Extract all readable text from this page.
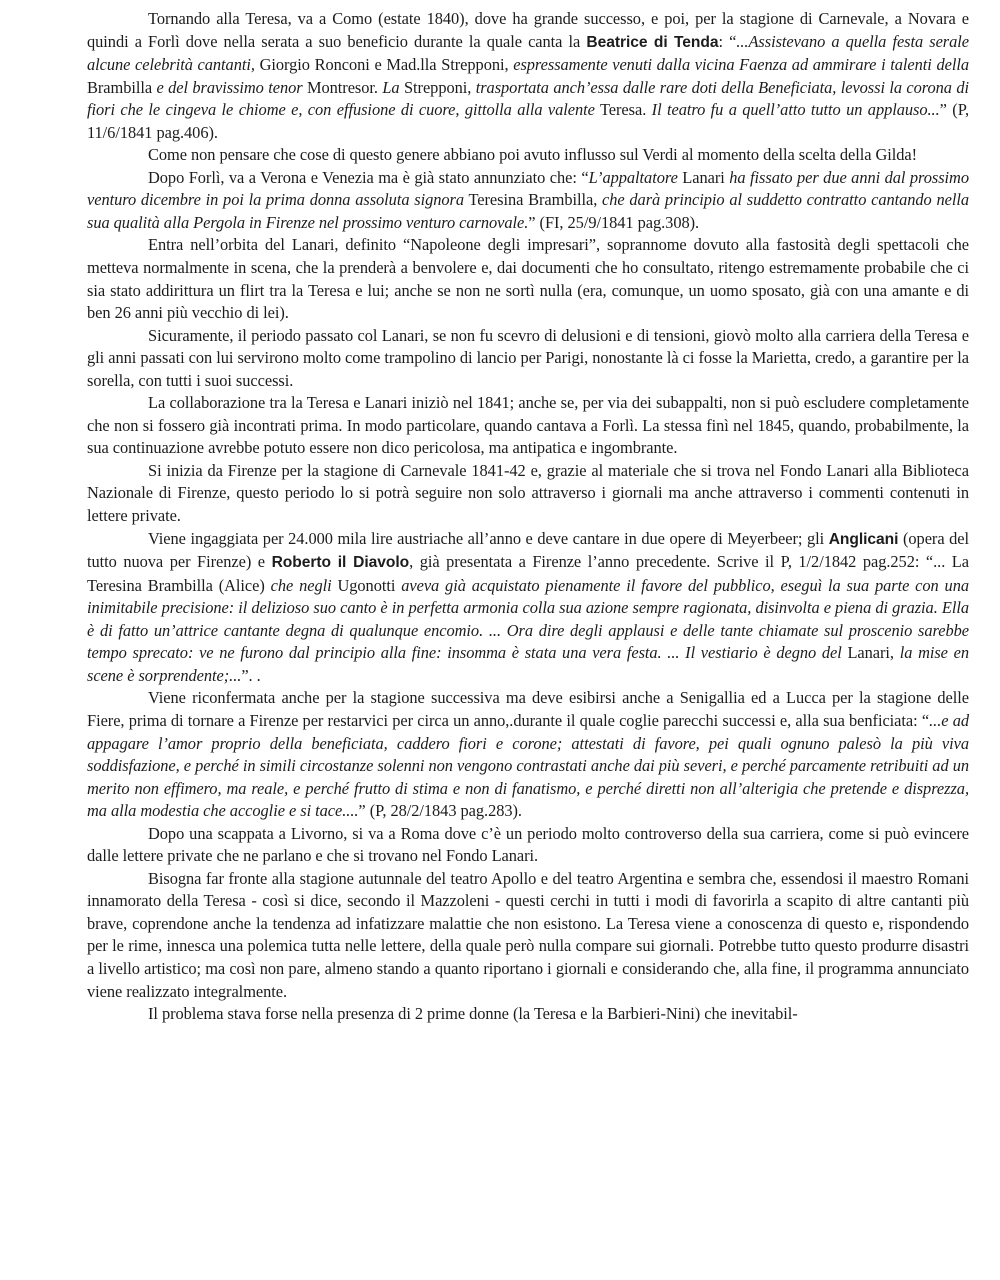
Tornando alla Teresa, va a Como (estate 1840), dove ha grande successo, e poi, per la stagione di Carnevale, a Novara e quindi a Forlì dove nella serata a suo beneficio durante la quale canta la Beatrice di Tenda: “...Assistevano a quella festa serale alcune celebrità cantanti, Giorgio Ronconi e Mad.lla Strepponi, espressamente venuti dalla vicina Faenza ad ammirare i talenti della Brambilla e del bravissimo tenor Montresor. La Strepponi, trasportata anch’essa dalle rare doti della Beneficiata, levossi la corona di fiori che le cingeva le chiome e, con effusione di cuore, gittolla alla valente Teresa. Il teatro fu a quell’atto tutto un applauso...” (P, 11/6/1841 pag.406).

Come non pensare che cose di questo genere abbiano poi avuto influsso sul Verdi al momento della scelta della Gilda!

Dopo Forlì, va a Verona e Venezia ma è già stato annunziato che: “L’appaltatore Lanari ha fissato per due anni dal prossimo venturo dicembre in poi la prima donna assoluta signora Teresina Brambilla, che darà principio al suddetto contratto cantando nella sua qualità alla Pergola in Firenze nel prossimo venturo carnovale.” (FI, 25/9/1841 pag.308).

Entra nell’orbita del Lanari, definito “Napoleone degli impresari”, soprannome dovuto alla fastosità degli spettacoli che metteva normalmente in scena, che la prenderà a benvolere e, dai documenti che ho consultato, ritengo estremamente probabile che ci sia stato addirittura un flirt tra la Teresa e lui; anche se non ne sortì nulla (era, comunque, un uomo sposato, già con una amante e di ben 26 anni più vecchio di lei).

Sicuramente, il periodo passato col Lanari, se non fu scevro di delusioni e di tensioni, giovò molto alla carriera della Teresa e gli anni passati con lui servirono molto come trampolino di lancio per Parigi, nonostante là ci fosse la Marietta, credo, a garantire per la sorella, con tutti i suoi successi.

La collaborazione tra la Teresa e Lanari iniziò nel 1841; anche se, per via dei subappalti, non si può escludere completamente che non si fossero già incontrati prima. In modo particolare, quando cantava a Forlì. La stessa finì nel 1845, quando, probabilmente, la sua continuazione avrebbe potuto essere non dico pericolosa, ma antipatica e ingombrante.

Si inizia da Firenze per la stagione di Carnevale 1841-42 e, grazie al materiale che si trova nel Fondo Lanari alla Biblioteca Nazionale di Firenze, questo periodo lo si potrà seguire non solo attraverso i giornali ma anche attraverso i commenti contenuti in lettere private.

Viene ingaggiata per 24.000 mila lire austriache all’anno e deve cantare in due opere di Meyerbeer; gli Anglicani (opera del tutto nuova per Firenze) e Roberto il Diavolo, già presentata a Firenze l’anno precedente. Scrive il P, 1/2/1842 pag.252: “... La Teresina Brambilla (Alice) che negli Ugonotti aveva già acquistato pienamente il favore del pubblico, eseguì la sua parte con una inimitabile precisione: il delizioso suo canto è in perfetta armonia colla sua azione sempre ragionata, disinvolta e piena di grazia. Ella è di fatto un’attrice cantante degna di qualunque encomio. ... Ora dire degli applausi e delle tante chiamate sul proscenio sarebbe tempo sprecato: ve ne furono dal principio alla fine: insomma è stata una vera festa. ... Il vestiario è degno del Lanari, la mise en scene è sorprendente;...”. .

Viene riconfermata anche per la stagione successiva ma deve esibirsi anche a Senigallia ed a Lucca per la stagione delle Fiere, prima di tornare a Firenze per restarvici per circa un anno,.durante il quale coglie parecchi successi e, alla sua benficiata: “...e ad appagare l’amor proprio della beneficiata, caddero fiori e corone; attestati di favore, pei quali ognuno palesò la più viva soddisfazione, e perché in simili circostanze solenni non vengono contrastati anche dai più severi, e perché parcamente retribuiti ad un merito non effimero, ma reale, e perché frutto di stima e non di fanatismo, e perché diretti non all’alterigia che pretende e disprezza, ma alla modestia che accoglie e si tace....” (P, 28/2/1843 pag.283).

Dopo una scappata a Livorno, si va a Roma dove c’è un periodo molto controverso della sua carriera, come si può evincere dalle lettere private che ne parlano e che si trovano nel Fondo Lanari.

Bisogna far fronte alla stagione autunnale del teatro Apollo e del teatro Argentina e sembra che, essendosi il maestro Romani innamorato della Teresa - così si dice, secondo il Mazzoleni - questi cerchi in tutti i modi di favorirla a scapito di altre cantanti più brave, coprendone anche la tendenza ad infatizzare malattie che non esistono. La Teresa viene a conoscenza di questo e, rispondendo per le rime, innesca una polemica tutta nelle lettere, della quale però nulla compare sui giornali. Potrebbe tutto questo produrre disastri a livello artistico; ma così non pare, almeno stando a quanto riportano i giornali e considerando che, alla fine, il programma annunciato viene realizzato integralmente.

Il problema stava forse nella presenza di 2 prime donne (la Teresa e la Barbieri-Nini) che inevitabil-
